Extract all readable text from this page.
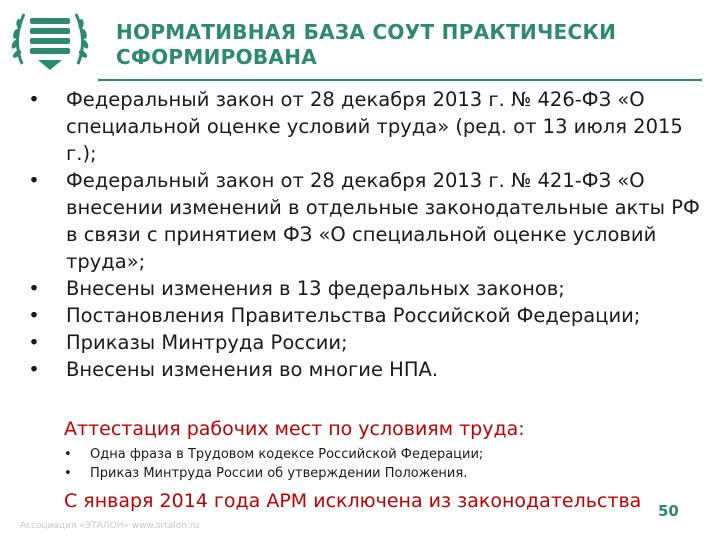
НОРМАТИВНАЯ БАЗА СОУТ ПРАКТИЧЕСКИ
СФОРМИРОВАНА
• Федеральный закон от 28 декабря 2013 г. № 426-ФЗ «О специальной оценке условий труда» (ред. от 13 июля 2015 г.);
• Федеральный закон от 28 декабря 2013 г. № 421-ФЗ «О внесении изменений в отдельные законодательные акты РФ в связи с принятием ФЗ «О специальной оценке условий труда»;
• Внесены изменения в 13 федеральных законов;
• Постановления Правительства Российской Федерации;
• Приказы Минтруда России;
• Внесены изменения во многие НПА.
Аттестация рабочих мест по условиям труда:
• Одна фраза в Трудовом кодексе Российской Федерации;
• Приказ Минтруда России об утверждении Положения.
С января 2014 года АРМ исключена из законодательства	50
Ассоциация «ЭТАЛОН» www.srtalon.ru
